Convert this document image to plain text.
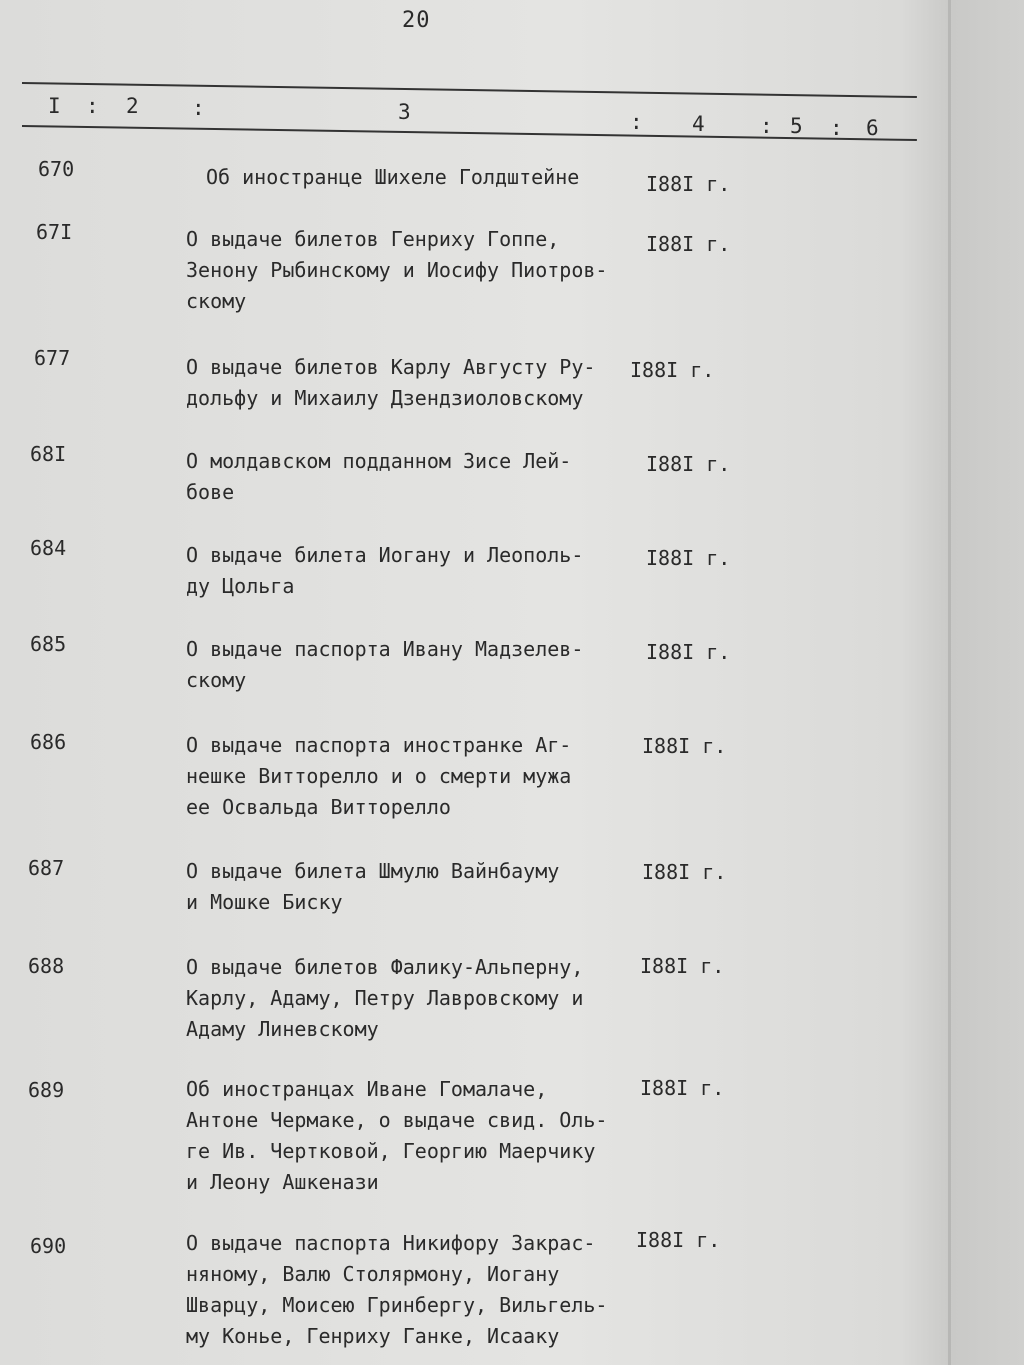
20
I : 2 :	3	: 4	: 5 : 6
670	Об иностранце Шихеле Голдштейне	I88I г.
67I	О выдаче билетов Генриху Гоппе,
Зенону Рыбинскому и Иосифу Пиотров-
скому
I88I г.
677	О выдаче билетов Карлу Августу Ру-
дольфу и Михаилу Дзендзиоловскому
I88I г.
68I	О молдавском подданном Зисе Лей-
бове
I88I г.
684	О выдаче билета Иогану и Леополь-
ду Цольга
I88I г.
685	О выдаче паспорта Ивану Мадзелев-
скому
I88I г.
686	О выдаче паспорта иностранке Аг-
нешке Витторелло и о смерти мужа
ее Освальда Витторелло
I88I г.
687	О выдаче билета Шмулю Вайнбауму
и Мошке Биску
I88I г.
688	О выдаче билетов Фалику-Альперну,
Карлу, Адаму, Петру Лавровскому и
Адаму Линевскому
I88I г.
689	Об иностранцах Иване Гомалаче,
Антоне Чермаке, о выдаче свид. Оль-
ге Ив. Чертковой, Георгию Маерчику
и Леону Ашкенази
I88I г.
690	О выдаче паспорта Никифору Закрас-
няному, Валю Столярмону, Иогану
Шварцу, Моисею Гринбергу, Вильгель-
му Конье, Генриху Ганке, Исааку
I88I г.
